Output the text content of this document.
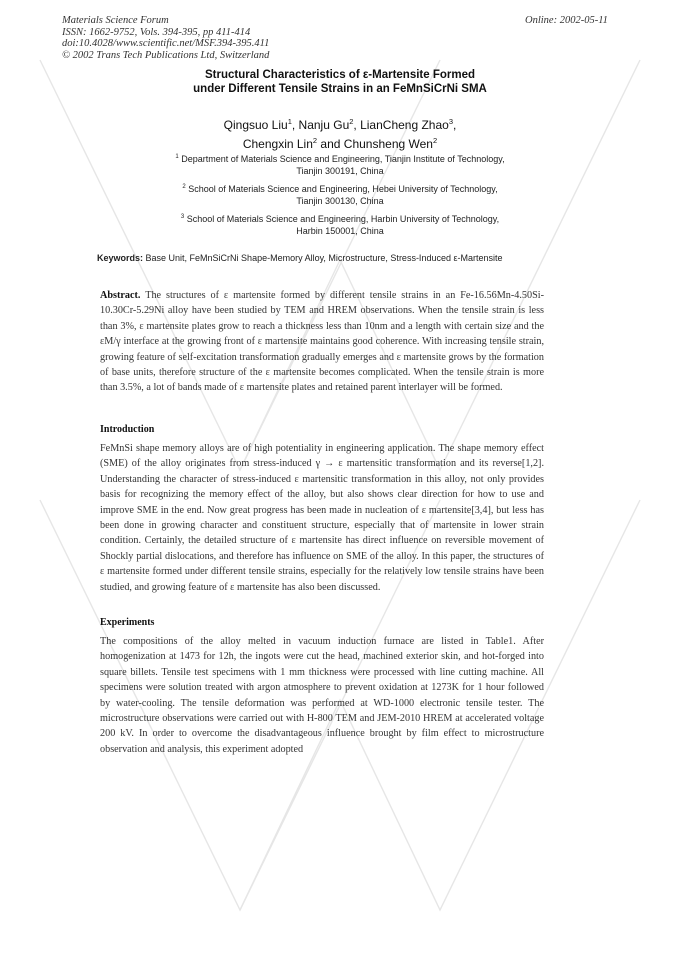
Materials Science Forum
ISSN: 1662-9752, Vols. 394-395, pp 411-414
doi:10.4028/www.scientific.net/MSF.394-395.411
© 2002 Trans Tech Publications Ltd, Switzerland
Online: 2002-05-11
Structural Characteristics of ε-Martensite Formed
under Different Tensile Strains in an FeMnSiCrNi SMA
Qingsuo Liu$^1$, Nanju Gu$^2$, LianCheng Zhao$^3$,
Chengxin Lin$^2$ and Chunsheng Wen$^2$
$^1$ Department of Materials Science and Engineering, Tianjin Institute of Technology,
Tianjin 300191, China
$^2$ School of Materials Science and Engineering, Hebei University of Technology,
Tianjin 300130, China
$^3$ School of Materials Science and Engineering, Harbin University of Technology,
Harbin 150001, China
Keywords: Base Unit, FeMnSiCrNi Shape-Memory Alloy, Microstructure, Stress-Induced ε-Martensite
Abstract. The structures of ε martensite formed by different tensile strains in an Fe-16.56Mn-4.50Si-10.30Cr-5.29Ni alloy have been studied by TEM and HREM observations. When the tensile strain is less than 3%, ε martensite plates grow to reach a thickness less than 10nm and a length with certain size and the εM/γ interface at the growing front of ε martensite maintains good coherence. With increasing tensile strain, growing feature of self-excitation transformation gradually emerges and ε martensite grows by the formation of base units, therefore structure of the ε martensite becomes complicated. When the tensile strain is more than 3.5%, a lot of bands made of ε martensite plates and retained parent interlayer will be formed.
Introduction
FeMnSi shape memory alloys are of high potentiality in engineering application. The shape memory effect (SME) of the alloy originates from stress-induced γ → ε martensitic transformation and its reverse[1,2]. Understanding the character of stress-induced ε martensitic transformation in this alloy, not only provides basis for recognizing the memory effect of the alloy, but also shows clear direction for how to use and improve SME in the end. Now great progress has been made in nucleation of ε martensite[3,4], but less has been done in growing character and constituent structure, especially that of martensite in lower strain condition. Certainly, the detailed structure of ε martensite has direct influence on reversible movement of Shockly partial dislocations, and therefore has influence on SME of the alloy. In this paper, the structures of ε martensite formed under different tensile strains, especially for the relatively low tensile strains have been studied, and growing feature of ε martensite has also been discussed.
Experiments
The compositions of the alloy melted in vacuum induction furnace are listed in Table1. After homogenization at 1473 for 12h, the ingots were cut the head, machined exterior skin, and hot-forged into square billets. Tensile test specimens with 1 mm thickness were processed with line cutting machine. All specimens were solution treated with argon atmosphere to prevent oxidation at 1273K for 1 hour followed by water-cooling. The tensile deformation was performed at WD-1000 electronic tensile tester. The microstructure observations were carried out with H-800 TEM and JEM-2010 HREM at accelerated voltage 200 kV. In order to overcome the disadvantageous influence brought by film effect to microstructure observation and analysis, this experiment adopted
